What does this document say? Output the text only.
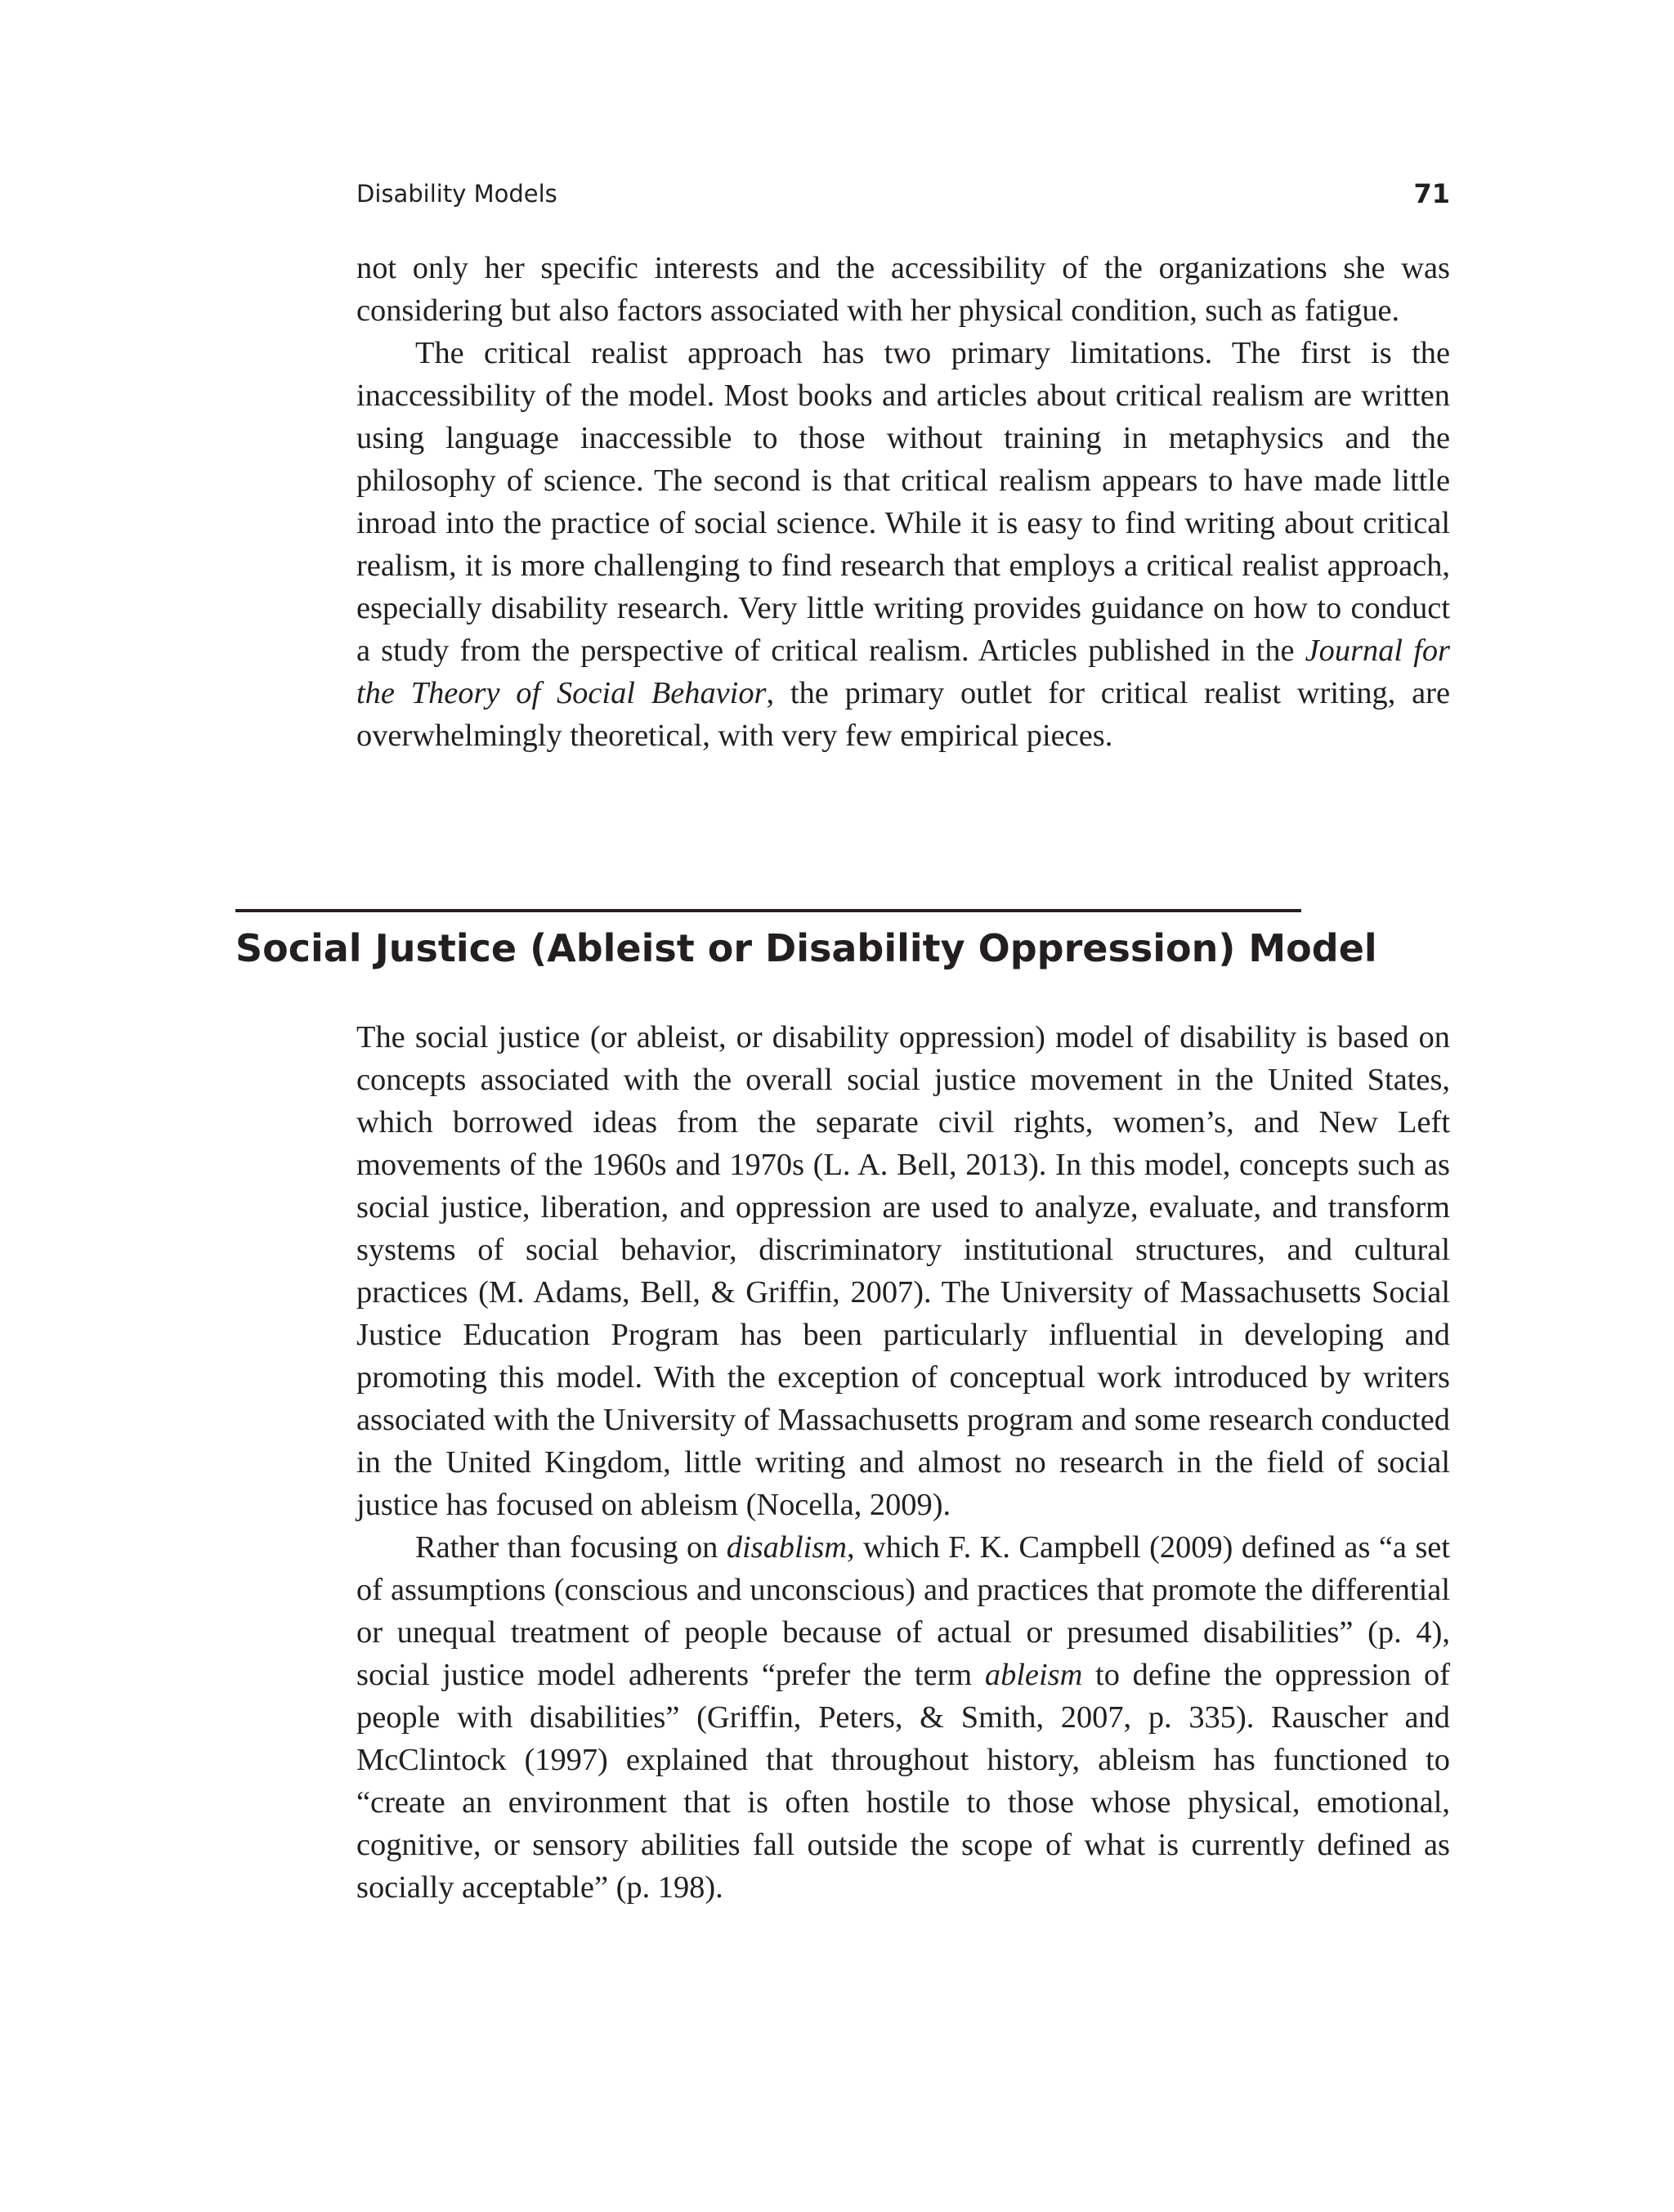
Disability Models	71

not only her specific interests and the accessibility of the organizations she was considering but also factors associated with her physical condition, such as fatigue.

The critical realist approach has two primary limitations. The first is the inaccessibility of the model. Most books and articles about critical realism are written using language inaccessible to those without training in metaphysics and the philosophy of science. The second is that critical realism appears to have made little inroad into the practice of social science. While it is easy to find writing about critical realism, it is more challenging to find research that employs a critical realist approach, especially disability research. Very little writing provides guidance on how to conduct a study from the perspective of critical realism. Articles published in the Journal for the Theory of Social Behavior, the primary outlet for critical realist writing, are overwhelmingly theoretical, with very few empirical pieces.

Social Justice (Ableist or Disability Oppression) Model

The social justice (or ableist, or disability oppression) model of disability is based on concepts associated with the overall social justice movement in the United States, which borrowed ideas from the separate civil rights, women’s, and New Left movements of the 1960s and 1970s (L. A. Bell, 2013). In this model, concepts such as social justice, liberation, and oppression are used to analyze, evaluate, and transform systems of social behavior, discriminatory institutional structures, and cultural practices (M. Adams, Bell, & Griffin, 2007). The University of Massachusetts Social Justice Education Program has been particularly influential in developing and promoting this model. With the exception of conceptual work introduced by writers associated with the University of Massachusetts program and some research conducted in the United Kingdom, little writing and almost no research in the field of social justice has focused on ableism (Nocella, 2009).

Rather than focusing on disablism, which F. K. Campbell (2009) defined as “a set of assumptions (conscious and unconscious) and practices that promote the differential or unequal treatment of people because of actual or presumed disabilities” (p. 4), social justice model adherents “prefer the term ableism to define the oppression of people with disabilities” (Griffin, Peters, & Smith, 2007, p. 335). Rauscher and McClintock (1997) explained that throughout history, ableism has functioned to “create an environment that is often hostile to those whose physical, emotional, cognitive, or sensory abilities fall outside the scope of what is currently defined as socially acceptable” (p. 198).
